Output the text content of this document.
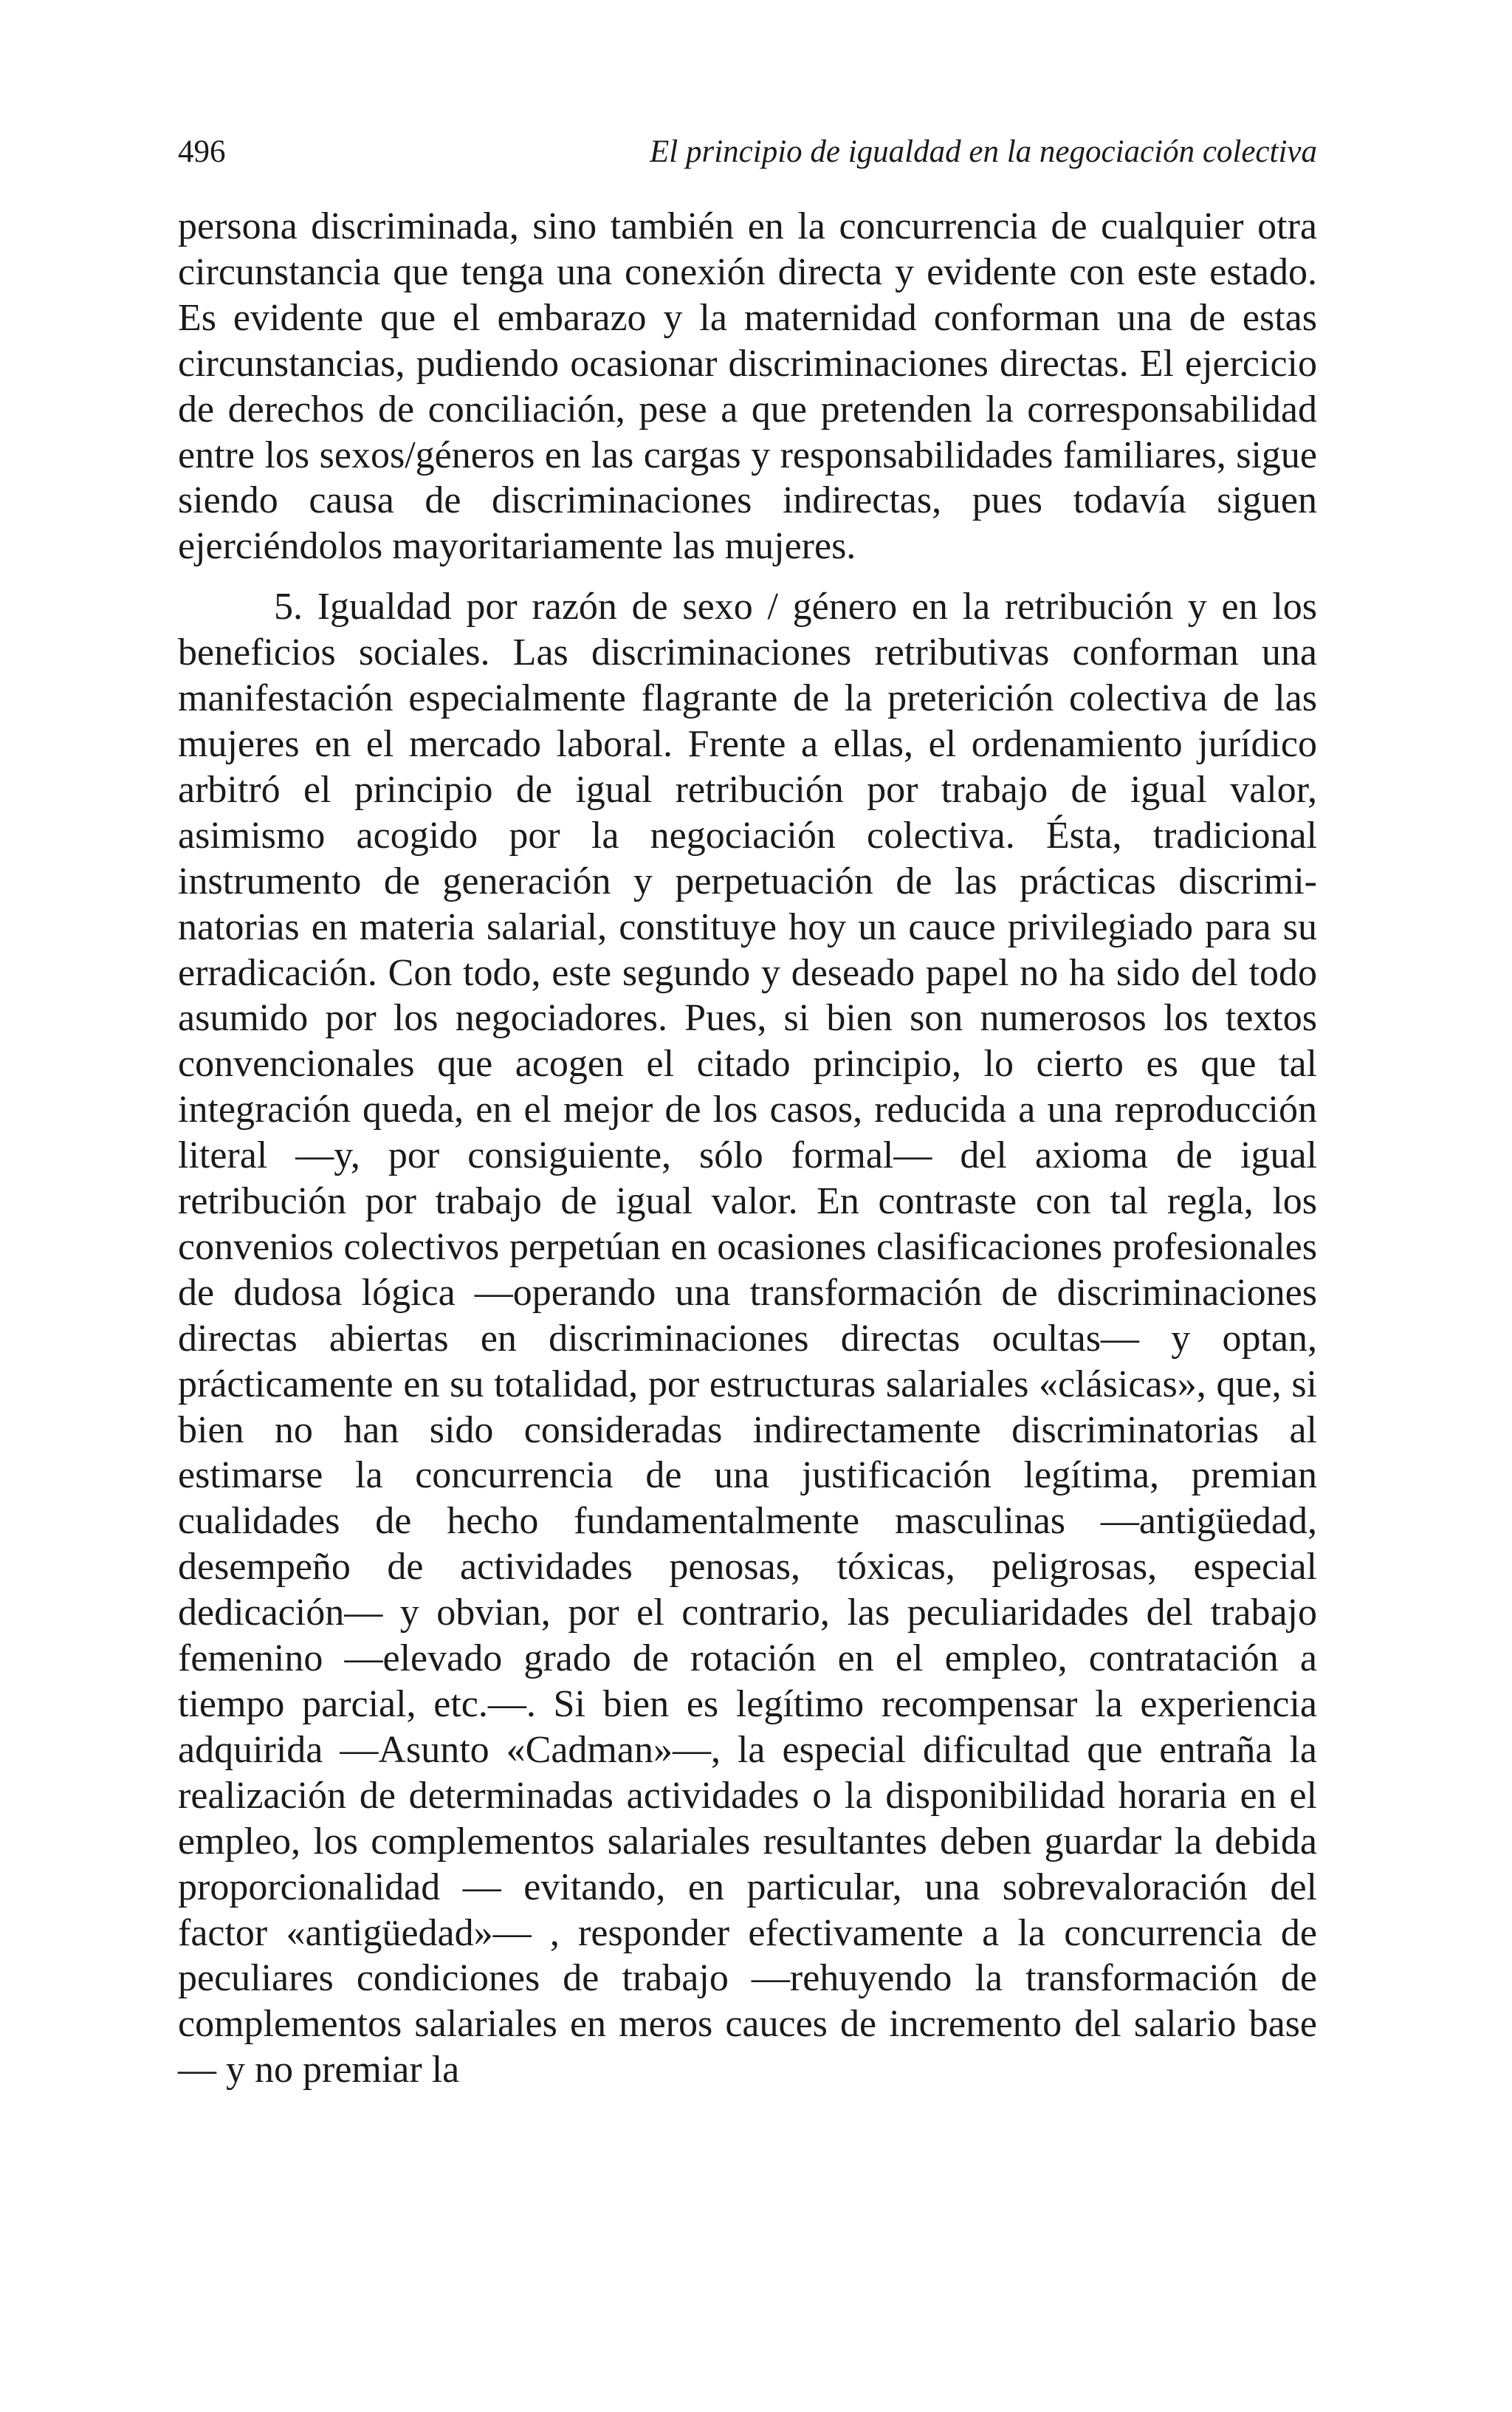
496	El principio de igualdad en la negociación colectiva

persona discriminada, sino también en la concurrencia de cualquier otra circunstancia que tenga una conexión directa y evidente con este estado. Es evidente que el embarazo y la maternidad conforman una de estas circunstancias, pudiendo ocasionar discriminaciones directas. El ejercicio de derechos de conciliación, pese a que pretenden la corresponsabilidad entre los sexos/géneros en las cargas y responsabilidades familiares, sigue siendo causa de discriminaciones indirectas, pues todavía siguen ejerciéndolos mayoritariamente las mujeres.

5. Igualdad por razón de sexo / género en la retribución y en los beneficios sociales. Las discriminaciones retributivas conforman una manifestación especialmente flagrante de la preterición colectiva de las mujeres en el mercado laboral. Frente a ellas, el ordenamiento jurídico arbitró el principio de igual retribución por trabajo de igual valor, asimismo acogido por la negociación colectiva. Ésta, tradicional instrumento de generación y perpetuación de las prácticas discriminatorias en materia salarial, constituye hoy un cauce privilegiado para su erradicación. Con todo, este segundo y deseado papel no ha sido del todo asumido por los negociadores. Pues, si bien son numerosos los textos convencionales que acogen el citado principio, lo cierto es que tal integración queda, en el mejor de los casos, reducida a una reproducción literal —y, por consiguiente, sólo formal— del axioma de igual retribución por trabajo de igual valor. En contraste con tal regla, los convenios colectivos perpetúan en ocasiones clasificaciones profesionales de dudosa lógica —operando una transformación de discriminaciones directas abiertas en discriminaciones directas ocultas— y optan, prácticamente en su totalidad, por estructuras salariales «clásicas», que, si bien no han sido consideradas indirectamente discriminatorias al estimarse la concurrencia de una justificación legítima, premian cualidades de hecho fundamentalmente masculinas —antigüedad, desempeño de actividades penosas, tóxicas, peligrosas, especial dedicación— y obvian, por el contrario, las peculiaridades del trabajo femenino —elevado grado de rotación en el empleo, contratación a tiempo parcial, etc.—. Si bien es legítimo recompensar la experiencia adquirida —Asunto «Cadman»—, la especial dificultad que entraña la realización de determinadas actividades o la disponibilidad horaria en el empleo, los complementos salariales resultantes deben guardar la debida proporcionalidad — evitando, en particular, una sobrevaloración del factor «antigüedad»— , responder efectivamente a la concurrencia de peculiares condiciones de trabajo —rehuyendo la transformación de complementos salariales en meros cauces de incremento del salario base— y no premiar la
